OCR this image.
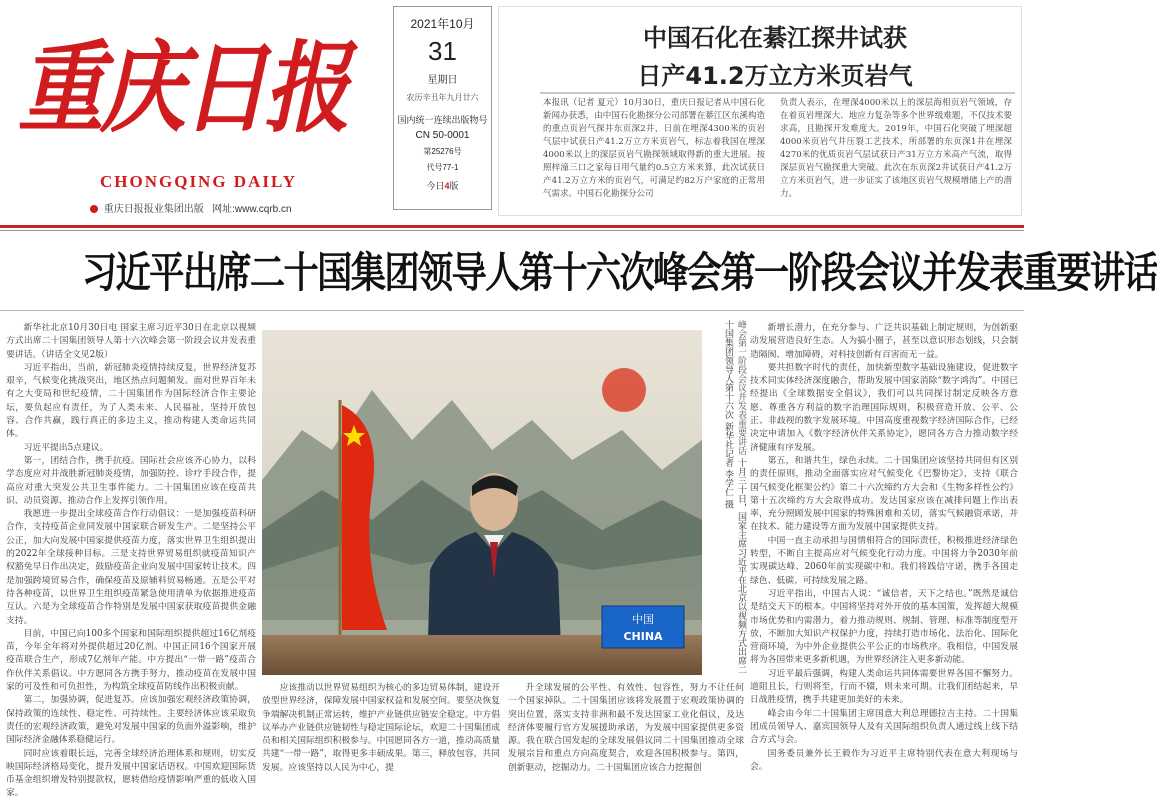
重庆日报
CHONGQING DAILY
重庆日报报业集团出版 网址:www.cqrb.cn
2021年10月
31
星期日
农历辛丑年九月廿六
国内统一连续出版物号
CN 50-0001
第25276号
代号77-1
今日4版
中国石化在綦江探井试获
日产41.2万立方米页岩气
本报讯（记者 夏元）10月30日，重庆日报记者从中国石化新闻办获悉，由中国石化勘探分公司部署在綦江区东溪构造的重点页岩气探井东页深2井，日前在埋深4300米的页岩气层中试获日产41.2万立方米页岩气，标志着我国在埋深4000米以上的深层页岩气勘探领域取得新的重大进展。按照梓潼三口之家每日用气量约0.5立方米来算，此次试获日产41.2万立方米的页岩气，可满足约82万户家庭的正常用气需求。中国石化勘探分公司
负责人表示，在埋深4000米以上的深层海相页岩气领域，存在着页岩埋深大、地应力复杂等多个世界级难题，不仅技术要求高，且勘探开发难度大。2019年，中国石化突破了埋深超4000米页岩气井压裂工艺技术，所部署的东页深1井在埋深4270米的优质页岩气层试获日产31万立方米高产气流，取得深层页岩气勘探重大突破。此次在东页深2井试获日产41.2万立方米页岩气，进一步证实了该地区页岩气规模增储上产的潜力。
习近平出席二十国集团领导人第十六次峰会第一阶段会议并发表重要讲话

新华社北京10月30日电 国家主席习近平30日在北京以视频方式出席二十国集团领导人第十六次峰会第一阶段会议并发表重要讲话。（讲话全文见2版）

习近平指出，当前，新冠肺炎疫情持续反复，世界经济复苏艰辛，气候变化挑战突出，地区热点问题频发。面对世界百年未有之大变局和世纪疫情，二十国集团作为国际经济合作主要论坛，要负起应有责任，为了人类未来、人民福祉，坚持开放包容、合作共赢，践行真正的多边主义，推动构建人类命运共同体。

习近平提出5点建议。

第一，团结合作，携手抗疫。国际社会应该齐心协力，以科学态度应对并战胜新冠肺炎疫情，加强防控、诊疗手段合作，提高应对重大突发公共卫生事件能力。二十国集团应该在疫苗共识、动员资源、推动合作上发挥引领作用。

我愿进一步提出全球疫苗合作行动倡议：一是加强疫苗科研合作，支持疫苗企业同发展中国家联合研发生产。二是坚持公平公正，加大向发展中国家提供疫苗力度，落实世界卫生组织提出的2022年全球接种目标。三是支持世界贸易组织就疫苗知识产权豁免早日作出决定，鼓励疫苗企业向发展中国家转让技术。四是加强跨境贸易合作，确保疫苗及原辅料贸易畅通。五是公平对待各种疫苗，以世界卫生组织疫苗紧急使用清单为依据推进疫苗互认。六是为全球疫苗合作特别是发展中国家获取疫苗提供金融支持。

目前，中国已向100多个国家和国际组织提供超过16亿剂疫苗，今年全年将对外提供超过20亿剂。中国正同16个国家开展疫苗联合生产，形成7亿剂年产能。中方提出“一带一路”疫苗合作伙伴关系倡议。中方愿同各方携手努力，推动疫苗在发展中国家的可及性和可负担性，为构筑全球疫苗防线作出积极贡献。

第二，加强协调，促进复苏。应该加强宏观经济政策协调，保持政策的连续性、稳定性、可持续性。主要经济体应该采取负责任的宏观经济政策，避免对发展中国家的负面外溢影响，维护国际经济金融体系稳健运行。

同时应该着眼长远，完善全球经济治理体系和规则，切实反映国际经济格局变化，提升发展中国家话语权。中国欢迎国际货币基金组织增发特别提款权，愿转借给疫情影响严重的低收入国家。

中国
CHINA
峰会第一阶段会议并发表重要讲话 十月三十日，国家主席习近平在北京以视频方式出席二十国集团领导人第十六次 新华社记者 李学仁 摄

应该推动以世界贸易组织为核心的多边贸易体制，建设开放型世界经济，保障发展中国家权益和发展空间。要坚决恢复争端解决机制正常运转，维护产业链供应链安全稳定。中方倡议举办产业链供应链韧性与稳定国际论坛，欢迎二十国集团成员和相关国际组织积极参与。中国愿同各方一道，推动高质量共建“一带一路”，取得更多丰硕成果。第三，释放包容，共同发展。应该坚持以人民为中心，提

升全球发展的公平性、有效性、包容性，努力不让任何一个国家掉队。二十国集团应该将发展置于宏观政策协调的突出位置，落实支持非洲和最不发达国家工业化倡议，及达经济体要履行官方发展援助承诺，为发展中国家提供更多资源。我在联合国发起的全球发展倡议同二十国集团推动全球发展宗旨和重点方向高度契合，欢迎各国积极参与。第四，创新驱动，挖掘动力。二十国集团应该合力挖掘创

新增长潜力，在充分参与、广泛共识基础上制定规则，为创新驱动发展营造良好生态。人为搞小圈子，甚至以意识形态划线，只会制造隔阂、增加障碍，对科技创新有百害而无一益。

要共担数字时代的责任，加快新型数字基础设施建设，促进数字技术同实体经济深度融合，帮助发展中国家消除“数字鸿沟”。中国已经提出《全球数据安全倡议》，我们可以共同探讨制定反映各方意愿、尊重各方利益的数字治理国际规则，积极营造开放、公平、公正、非歧视的数字发展环境。中国高度重视数字经济国际合作，已经决定申请加入《数字经济伙伴关系协定》，愿同各方合力推动数字经济健康有序发展。

第五，和谐共生，绿色永续。二十国集团应该坚持共同但有区别的责任原则，推动全面落实应对气候变化《巴黎协定》，支持《联合国气候变化框架公约》第二十六次缔约方大会和《生物多样性公约》第十五次缔约方大会取得成功。发达国家应该在减排问题上作出表率，充分照顾发展中国家的特殊困难和关切，落实气候融资承诺，并在技术、能力建设等方面为发展中国家提供支持。

中国一直主动承担与国情相符合的国际责任，积极推进经济绿色转型，不断自主提高应对气候变化行动力度。中国将力争2030年前实现碳达峰、2060年前实现碳中和。我们将践信守诺，携手各国走绿色、低碳、可持续发展之路。

习近平指出，中国古人说：“诚信者，天下之结也。”既然是诚信是结交天下的根本。中国将坚持对外开放的基本国策，发挥超大规模市场优势和内需潜力，着力推动规则、规制、管理、标准等制度型开放，不断加大知识产权保护力度，持续打造市场化、法治化、国际化营商环境，为中外企业提供公平公正的市场秩序。我相信，中国发展将为各国带来更多新机遇，为世界经济注入更多新动能。

习近平最后强调，构建人类命运共同体需要世界各国不懈努力。道阻且长，行则将至，行而不辍，则未来可期。让我们团结起来，早日战胜疫情，携手共建更加美好的未来。

峰会由今年二十国集团主席国意大利总理德拉吉主持。二十国集团成员领导人、嘉宾国领导人及有关国际组织负责人通过线上线下结合方式与会。

国务委员兼外长王毅作为习近平主席特别代表在意大利现场与会。
